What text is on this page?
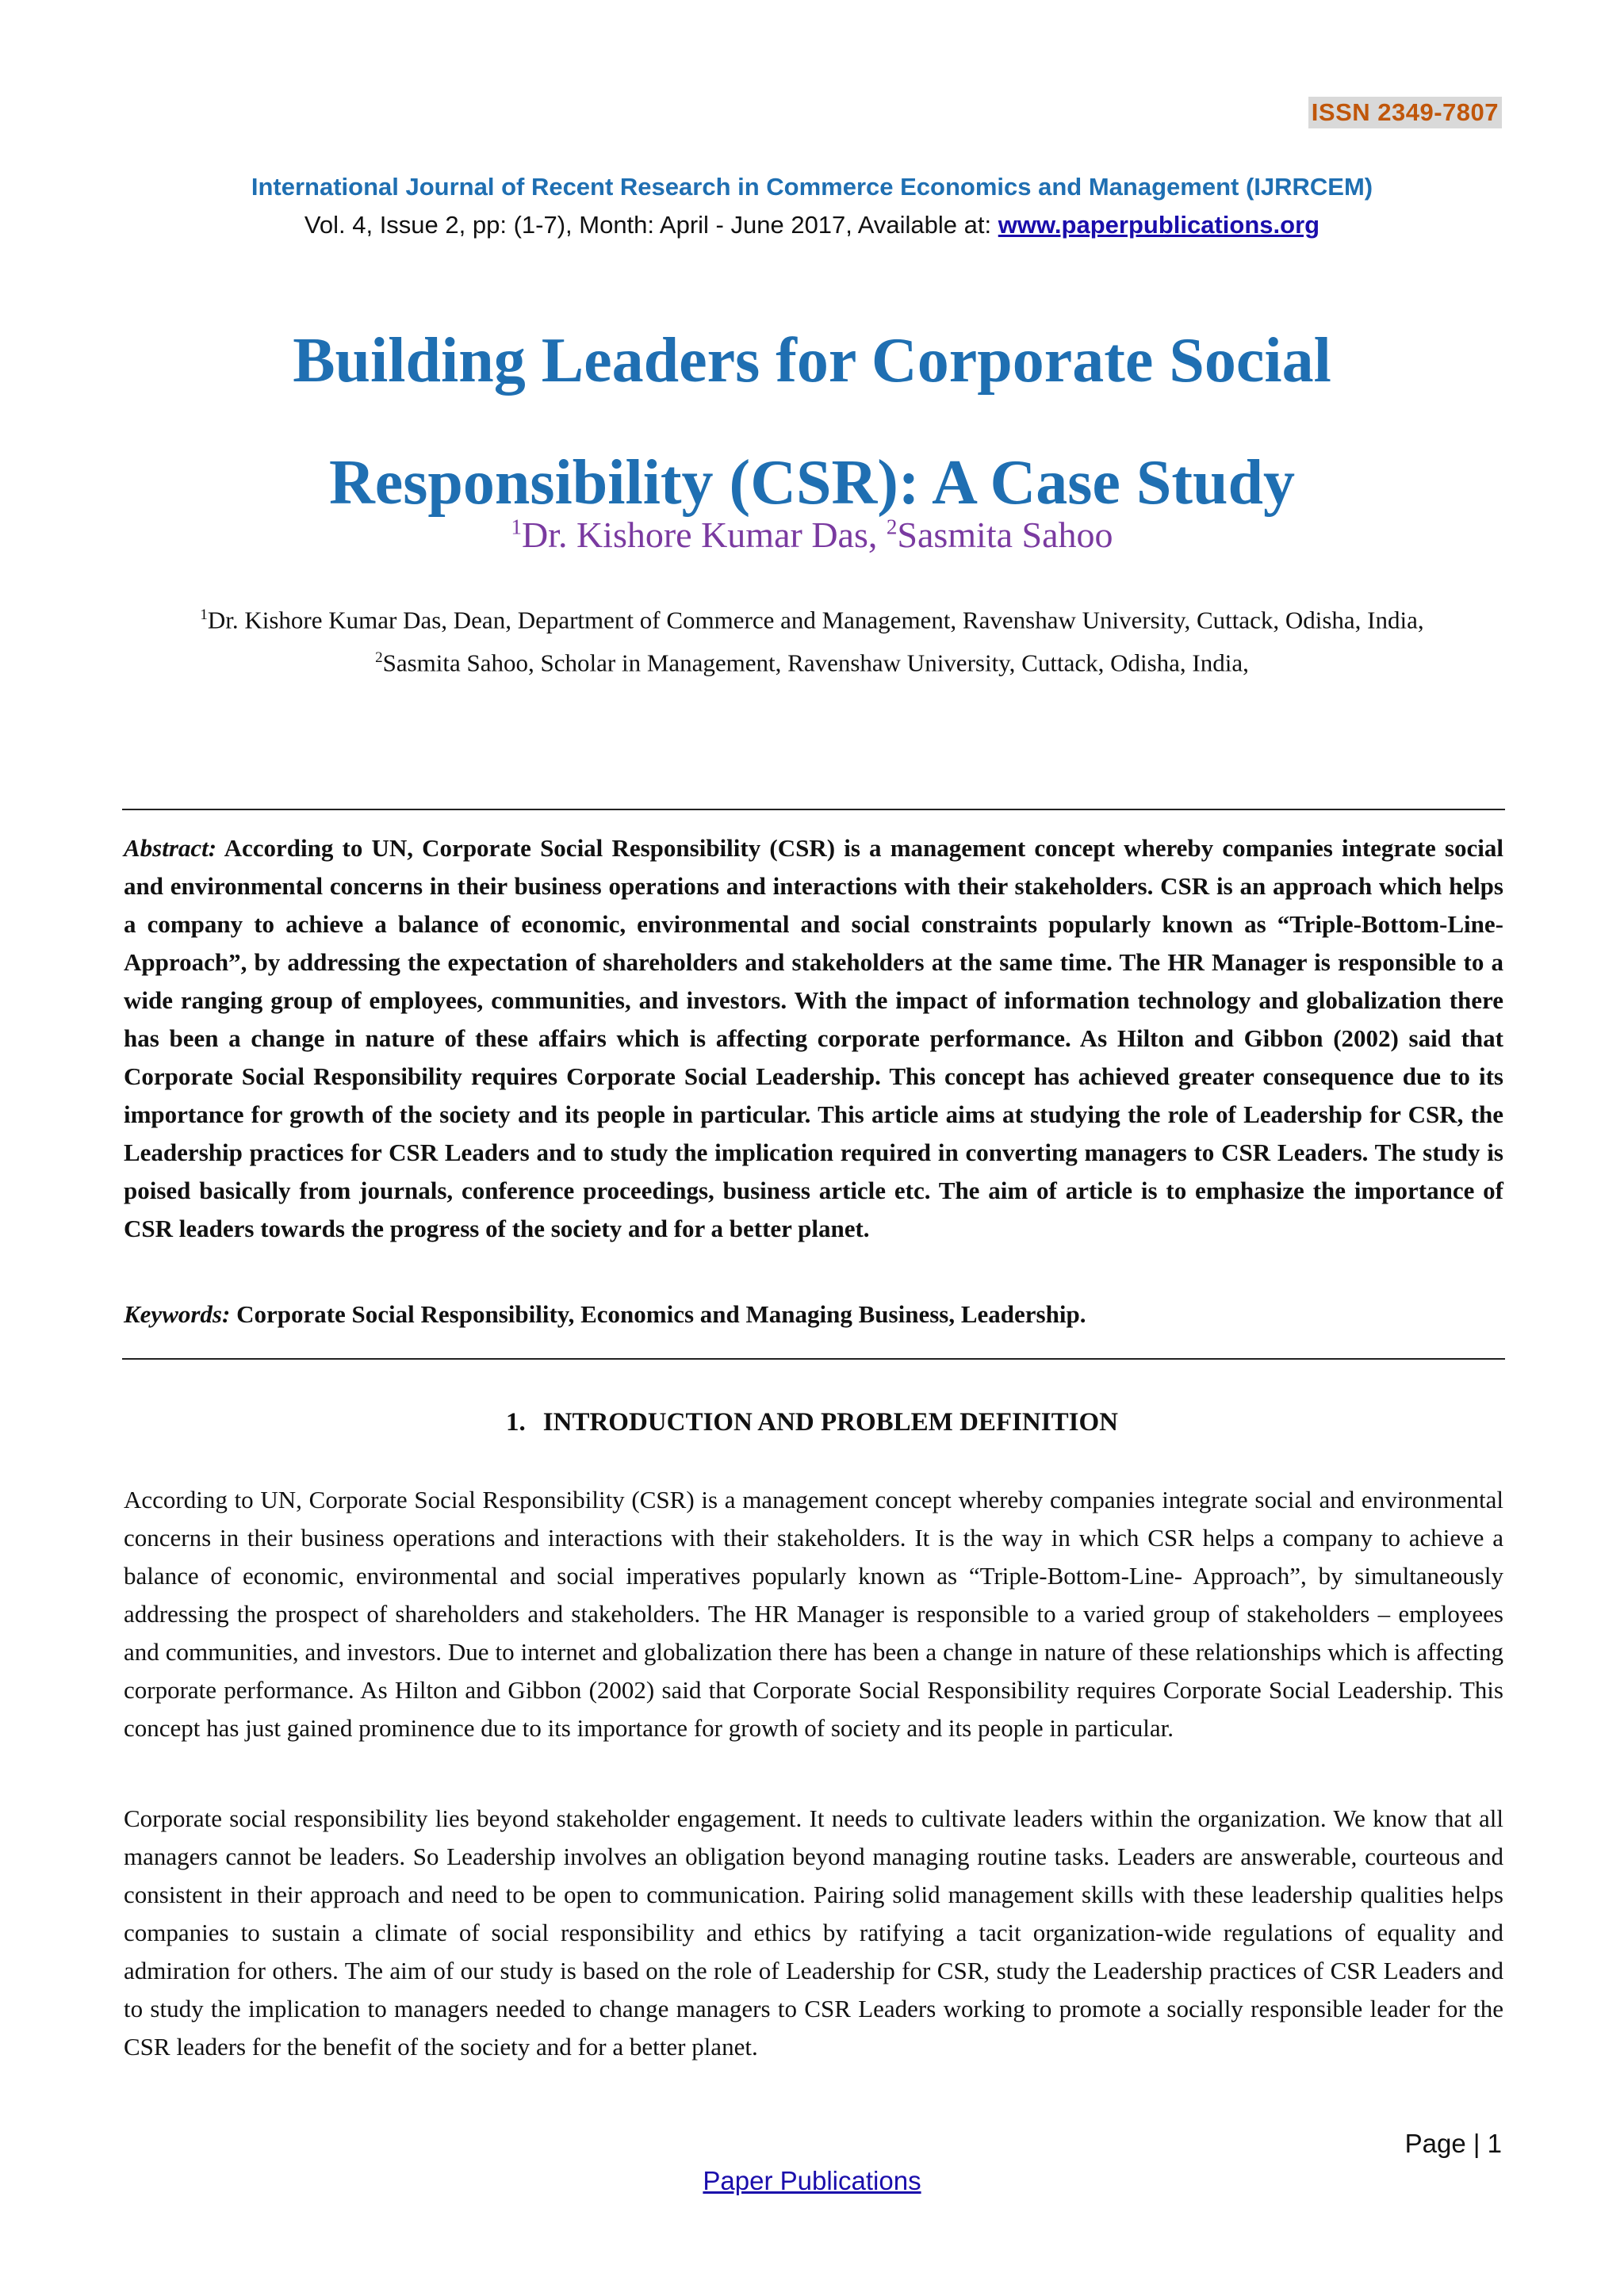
ISSN 2349-7807
International Journal of Recent Research in Commerce Economics and Management (IJRRCEM)
Vol. 4, Issue 2, pp: (1-7), Month: April - June 2017, Available at: www.paperpublications.org
Building Leaders for Corporate Social
Responsibility (CSR): A Case Study
$^1$Dr. Kishore Kumar Das, $^2$Sasmita Sahoo
$^1$Dr. Kishore Kumar Das, Dean, Department of Commerce and Management, Ravenshaw University, Cuttack, Odisha, India,
$^2$Sasmita Sahoo, Scholar in Management, Ravenshaw University, Cuttack, Odisha, India,
Abstract: According to UN, Corporate Social Responsibility (CSR) is a management concept whereby companies integrate social and environmental concerns in their business operations and interactions with their stakeholders. CSR is an approach which helps a company to achieve a balance of economic, environmental and social constraints popularly known as “Triple-Bottom-Line- Approach”, by addressing the expectation of shareholders and stakeholders at the same time. The HR Manager is responsible to a wide ranging group of employees, communities, and investors. With the impact of information technology and globalization there has been a change in nature of these affairs which is affecting corporate performance. As Hilton and Gibbon (2002) said that Corporate Social Responsibility requires Corporate Social Leadership. This concept has achieved greater consequence due to its importance for growth of the society and its people in particular. This article aims at studying the role of Leadership for CSR, the Leadership practices for CSR Leaders and to study the implication required in converting managers to CSR Leaders. The study is poised basically from journals, conference proceedings, business article etc. The aim of article is to emphasize the importance of CSR leaders towards the progress of the society and for a better planet.
Keywords: Corporate Social Responsibility, Economics and Managing Business, Leadership.
1. INTRODUCTION AND PROBLEM DEFINITION
According to UN, Corporate Social Responsibility (CSR) is a management concept whereby companies integrate social and environmental concerns in their business operations and interactions with their stakeholders. It is the way in which CSR helps a company to achieve a balance of economic, environmental and social imperatives popularly known as “Triple-Bottom-Line- Approach”, by simultaneously addressing the prospect of shareholders and stakeholders. The HR Manager is responsible to a varied group of stakeholders – employees and communities, and investors. Due to internet and globalization there has been a change in nature of these relationships which is affecting corporate performance. As Hilton and Gibbon (2002) said that Corporate Social Responsibility requires Corporate Social Leadership. This concept has just gained prominence due to its importance for growth of society and its people in particular.
Corporate social responsibility lies beyond stakeholder engagement. It needs to cultivate leaders within the organization. We know that all managers cannot be leaders. So Leadership involves an obligation beyond managing routine tasks. Leaders are answerable, courteous and consistent in their approach and need to be open to communication. Pairing solid management skills with these leadership qualities helps companies to sustain a climate of social responsibility and ethics by ratifying a tacit organization-wide regulations of equality and admiration for others. The aim of our study is based on the role of Leadership for CSR, study the Leadership practices of CSR Leaders and to study the implication to managers needed to change managers to CSR Leaders working to promote a socially responsible leader for the CSR leaders for the benefit of the society and for a better planet.
Page | 1
Paper Publications
